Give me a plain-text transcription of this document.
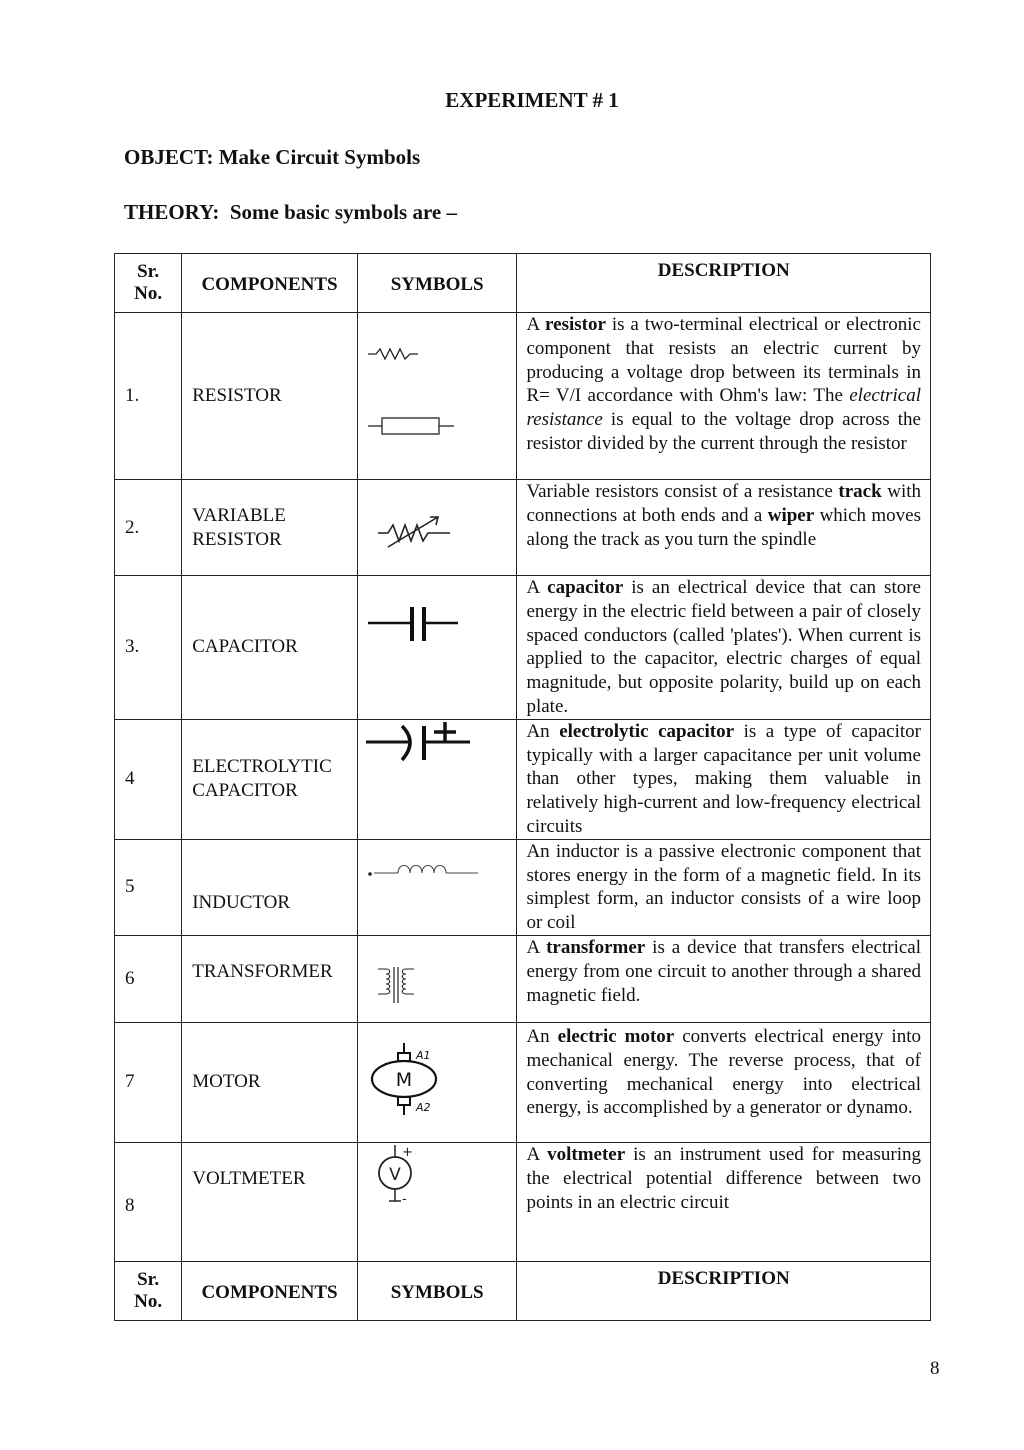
EXPERIMENT # 1
OBJECT: Make Circuit Symbols
THEORY: Some basic symbols are –
Sr.
No.	COMPONENTS	SYMBOLS	DESCRIPTION
1.	RESISTOR		A resistor is a two-terminal electrical or electronic component that resists an electric current by producing a voltage drop between its terminals in R= V/I accordance with Ohm's law: The electrical resistance is equal to the voltage drop across the resistor divided by the current through the resistor
2.	VARIABLE RESISTOR		Variable resistors consist of a resistance track with connections at both ends and a wiper which moves along the track as you turn the spindle
3.	CAPACITOR		A capacitor is an electrical device that can store energy in the electric field between a pair of closely spaced conductors (called 'plates'). When current is applied to the capacitor, electric charges of equal magnitude, but opposite polarity, build up on each plate.
4	ELECTROLYTIC CAPACITOR		An electrolytic capacitor is a type of capacitor typically with a larger capacitance per unit volume than other types, making them valuable in relatively high-current and low-frequency electrical circuits
5	INDUCTOR		An inductor is a passive electronic component that stores energy in the form of a magnetic field. In its simplest form, an inductor consists of a wire loop or coil
6	TRANSFORMER		A transformer is a device that transfers electrical energy from one circuit to another through a shared magnetic field.
7	MOTOR	M
A1
A2	An electric motor converts electrical energy into mechanical energy. The reverse process, that of converting mechanical energy into electrical energy, is accomplished by a generator or dynamo.
8	VOLTMETER	V
+
-	A voltmeter is an instrument used for measuring the electrical potential difference between two points in an electric circuit
Sr.
No.	COMPONENTS	SYMBOLS	DESCRIPTION
8
